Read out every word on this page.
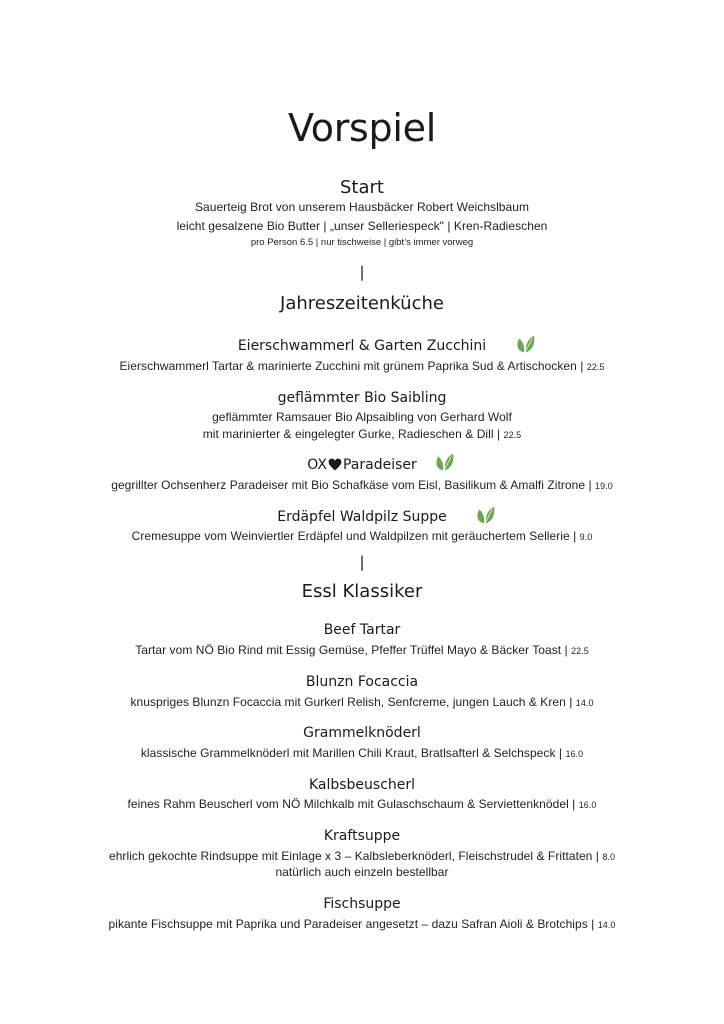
Vorspiel
Start
Sauerteig Brot von unserem Hausbäcker Robert Weichslbaum
leicht gesalzene Bio Butter | „unser Selleriespeck" | Kren-Radieschen
pro Person 6.5 | nur tischweise | gibt’s immer vorweg
|
Jahreszeitenküche
Eierschwammerl & Garten Zucchini
Eierschwammerl Tartar & marinierte Zucchini mit grünem Paprika Sud & Artischocken | 22.5
geflämmter Bio Saibling
geflämmter Ramsauer Bio Alpsaibling von Gerhard Wolf
mit marinierter & eingelegter Gurke, Radieschen & Dill | 22.5
OX Paradeiser
gegrillter Ochsenherz Paradeiser mit Bio Schafkäse vom Eisl, Basilikum & Amalfi Zitrone | 19.0
Erdäpfel Waldpilz Suppe
Cremesuppe vom Weinviertler Erdäpfel und Waldpilzen mit geräuchertem Sellerie | 9.0
|
Essl Klassiker
Beef Tartar
Tartar vom NÖ Bio Rind mit Essig Gemüse, Pfeffer Trüffel Mayo & Bäcker Toast | 22.5
Blunzn Focaccia
knuspriges Blunzn Focaccia mit Gurkerl Relish, Senfcreme, jungen Lauch & Kren | 14.0
Grammelknöderl
klassische Grammelknöderl mit Marillen Chili Kraut, Bratlsafterl & Selchspeck | 16.0
Kalbsbeuscherl
feines Rahm Beuscherl vom NÖ Milchkalb mit Gulaschschaum & Serviettenknödel | 16.0
Kraftsuppe
ehrlich gekochte Rindsuppe mit Einlage x 3 – Kalbsleberknöderl, Fleischstrudel & Frittaten | 8.0
natürlich auch einzeln bestellbar
Fischsuppe
pikante Fischsuppe mit Paprika und Paradeiser angesetzt – dazu Safran Aioli & Brotchips | 14.0
